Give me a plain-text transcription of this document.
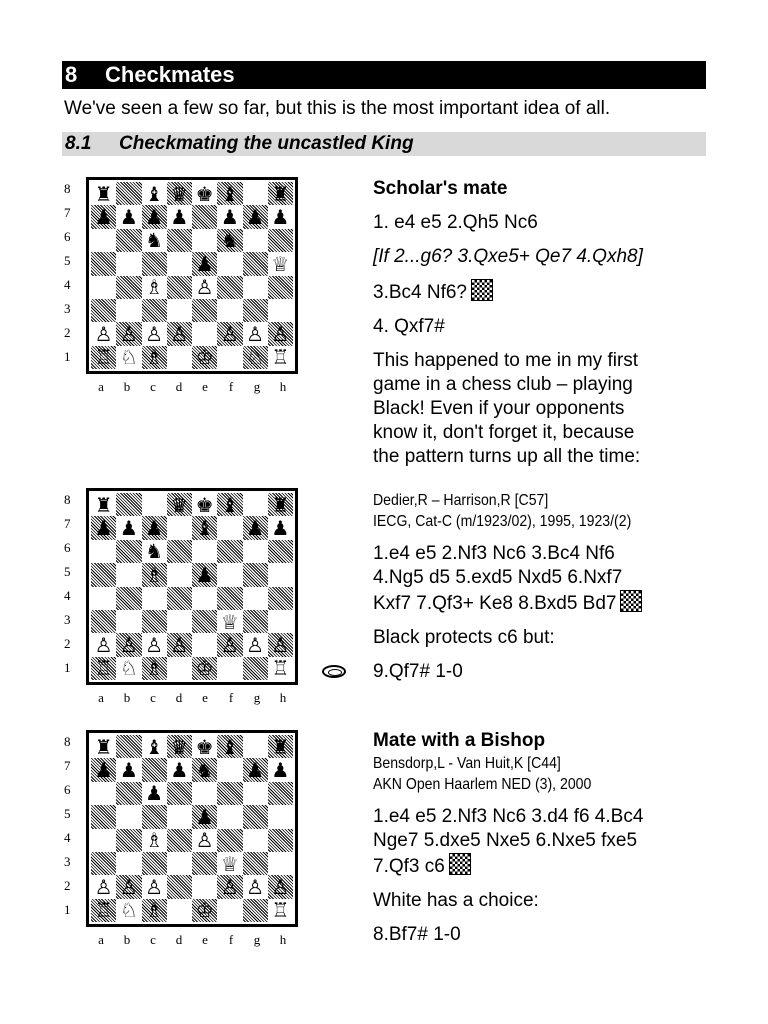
8 Checkmates
We've seen a few so far, but this is the most important idea of all.
8.1 Checkmating the uncastled King
8
7
6
5
4
3
2
1
♜ ♝ ♛ ♚ ♝ ♜
♟ ♟ ♟ ♟ ♟ ♟ ♟
♞	♞
♟	♕
♗ ♙
♙ ♙ ♙ ♙ ♙ ♙ ♙
♖ ♘ ♗ ♔ ♘ ♖
a	b	c	d	e	f	g	h
8
7
6
5
4
3
2
1
♜	♛ ♚ ♝ ♜
♟ ♟ ♟ ♝ ♟ ♟
♞
♗ ♟
♕
♙ ♙ ♙ ♙ ♙ ♙ ♙
♖ ♘ ♗ ♔	♖
a	b	c	d	e	f	g	h
8
7
6
5
4
3
2
1
♜ ♝ ♛ ♚ ♝ ♜
♟ ♟ ♟ ♞ ♟ ♟
♟
♟
♗ ♙
♕
♙ ♙ ♙	♙ ♙ ♙
♖ ♘ ♗ ♔	♖
a	b	c	d	e	f	g	h

Scholar's mate

1. e4 e5 2.Qh5 Nc6

[If 2...g6? 3.Qxe5+ Qe7 4.Qxh8]

3.Bc4 Nf6?

4. Qxf7#

This happened to me in my first

game in a chess club – playing

Black! Even if your opponents

know it, don't forget it, because

the pattern turns up all the time:

Dedier,R – Harrison,R [C57]

IECG, Cat-C (m/1923/02), 1995, 1923/(2)

1.e4 e5 2.Nf3 Nc6 3.Bc4 Nf6

4.Ng5 d5 5.exd5 Nxd5 6.Nxf7

Kxf7 7.Qf3+ Ke8 8.Bxd5 Bd7

Black protects c6 but:

9.Qf7# 1-0

Mate with a Bishop

Bensdorp,L - Van Huit,K [C44]

AKN Open Haarlem NED (3), 2000

1.e4 e5 2.Nf3 Nc6 3.d4 f6 4.Bc4

Nge7 5.dxe5 Nxe5 6.Nxe5 fxe5

7.Qf3 c6

White has a choice:

8.Bf7# 1-0
